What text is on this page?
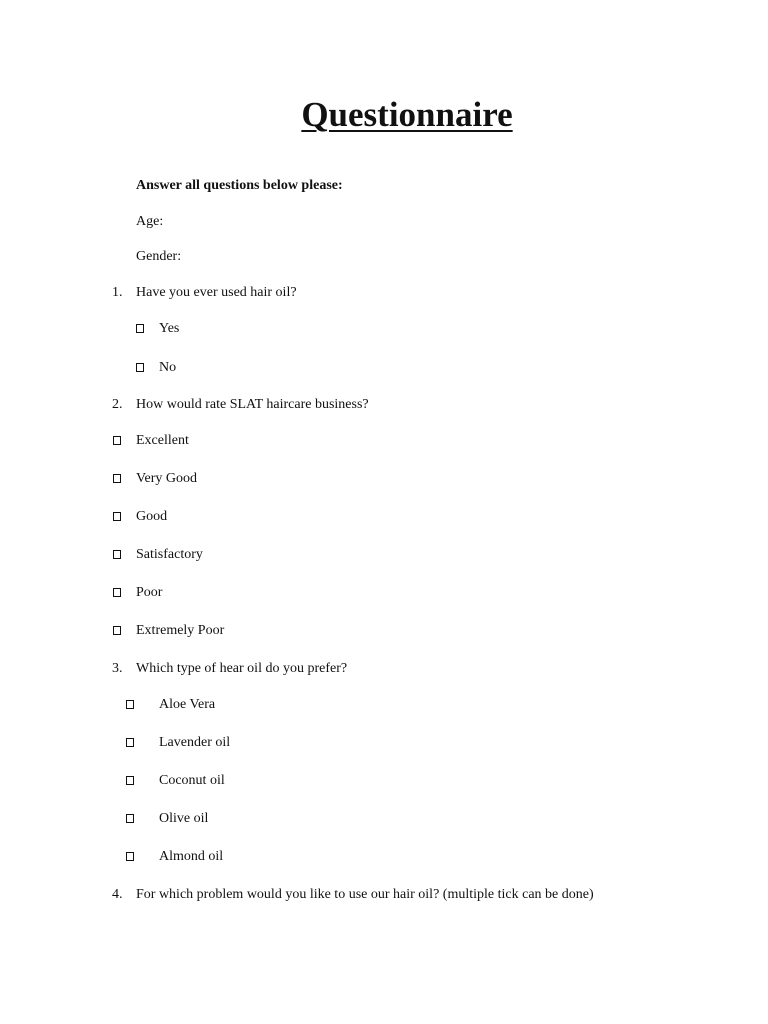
Questionnaire
Answer all questions below please:
Age:
Gender:
1. Have you ever used hair oil?
Yes
No
2. How would rate SLAT haircare business?
Excellent
Very Good
Good
Satisfactory
Poor
Extremely Poor
3. Which type of hear oil do you prefer?
Aloe Vera
Lavender oil
Coconut oil
Olive oil
Almond oil
4. For which problem would you like to use our hair oil? (multiple tick can be done)
